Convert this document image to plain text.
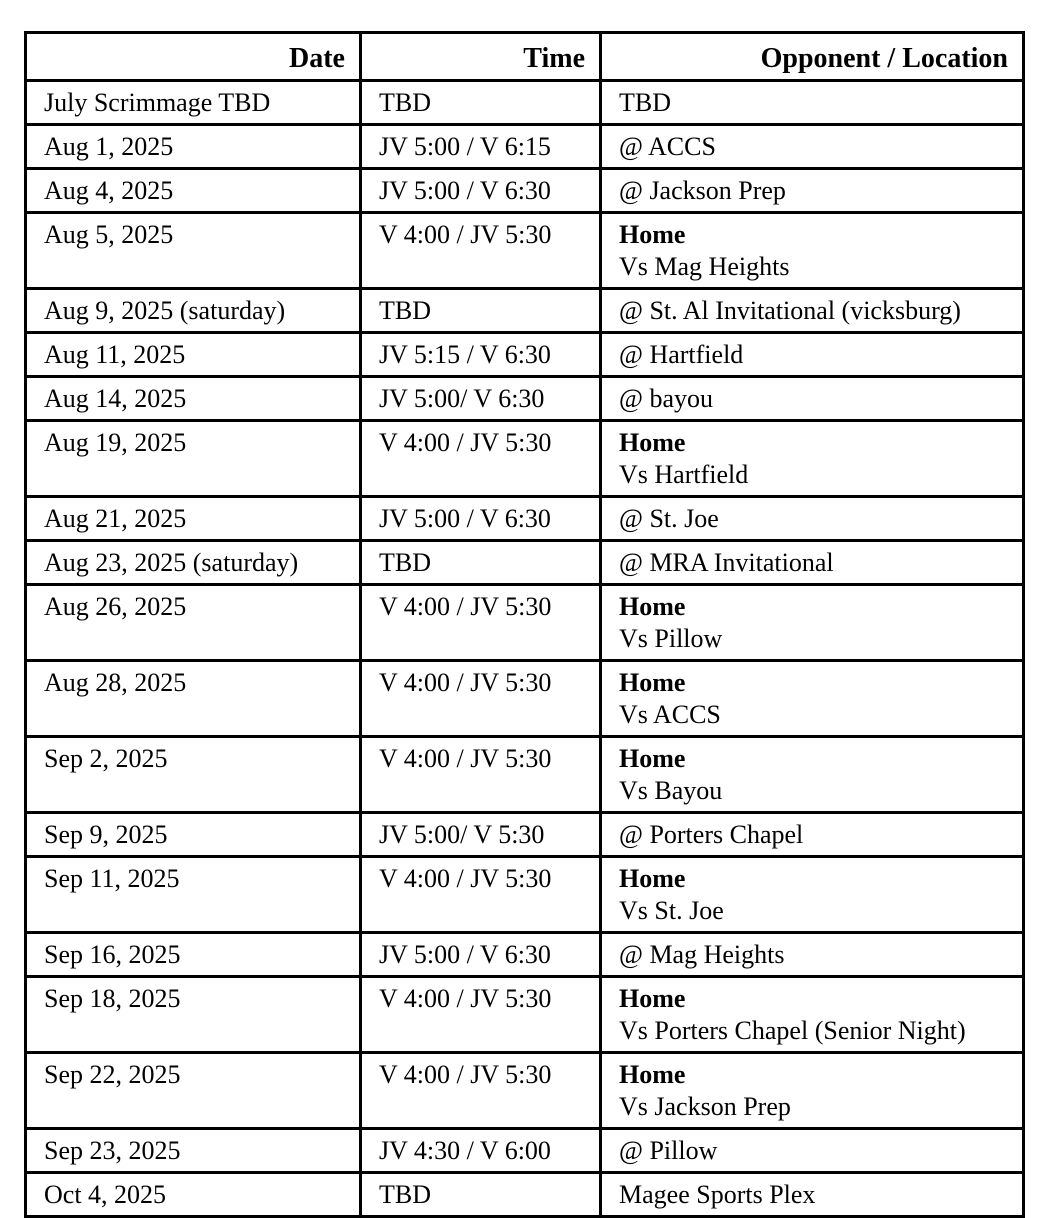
Date	Time	Opponent / Location
July Scrimmage TBD	TBD	TBD
Aug 1, 2025	JV 5:00 / V 6:15	@ ACCS
Aug 4, 2025	JV 5:00 / V 6:30	@ Jackson Prep
Aug 5, 2025	V 4:00 / JV 5:30	Home
Vs Mag Heights

Aug 9, 2025 (saturday)	TBD	@ St. Al Invitational (vicksburg)
Aug 11, 2025	JV 5:15 / V 6:30	@ Hartfield
Aug 14, 2025	JV 5:00/ V 6:30	@ bayou
Aug 19, 2025	V 4:00 / JV 5:30	Home
Vs Hartfield

Aug 21, 2025	JV 5:00 / V 6:30	@ St. Joe
Aug 23, 2025 (saturday)	TBD	@ MRA Invitational
Aug 26, 2025	V 4:00 / JV 5:30	Home
Vs Pillow

Aug 28, 2025	V 4:00 / JV 5:30	Home
Vs ACCS

Sep 2, 2025	V 4:00 / JV 5:30	Home
Vs Bayou

Sep 9, 2025	JV 5:00/ V 5:30	@ Porters Chapel
Sep 11, 2025	V 4:00 / JV 5:30	Home
Vs St. Joe

Sep 16, 2025	JV 5:00 / V 6:30	@ Mag Heights
Sep 18, 2025	V 4:00 / JV 5:30	Home
Vs Porters Chapel (Senior Night)

Sep 22, 2025	V 4:00 / JV 5:30	Home
Vs Jackson Prep

Sep 23, 2025	JV 4:30 / V 6:00	@ Pillow
Oct 4, 2025	TBD	Magee Sports Plex
